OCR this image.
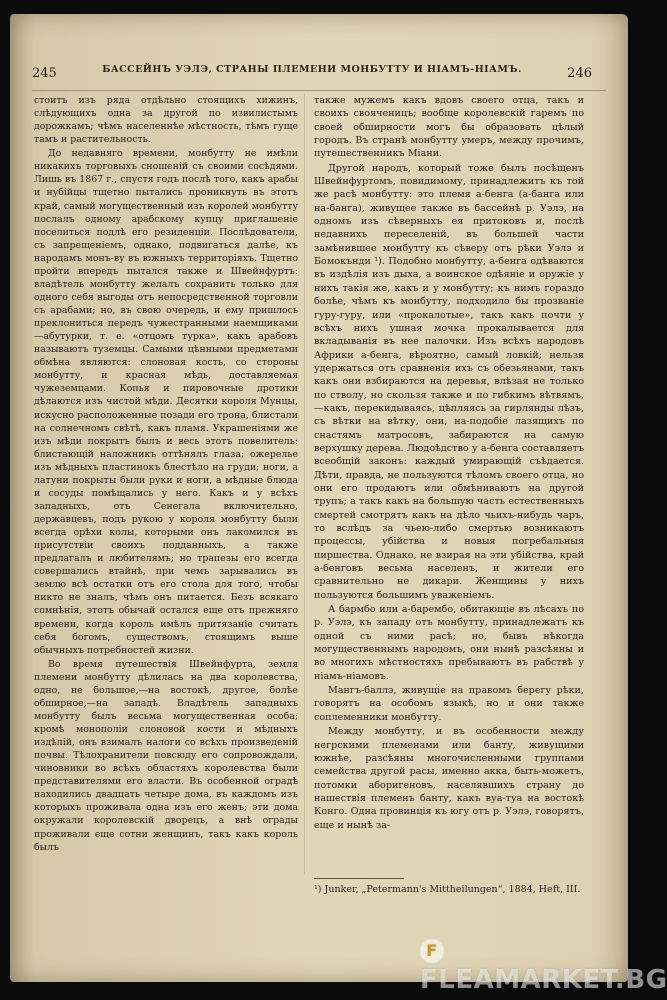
245	БАССЕЙНЪ УЭЛЭ, СТРАНЫ ПЛЕМЕНИ МОНБУТТУ И НІАМЪ-НІАМЪ.	246

стоитъ изъ ряда отдѣльно стоящихъ хижинъ, слѣдующихъ одна за другой по извилистымъ дорожкамъ; чѣмъ населеннѣе мѣстность, тѣмъ гуще тамъ и растительность.

До недавняго времени, монбутту не имѣли никакихъ торговыхъ сношеній съ своими сосѣдями. Лишь въ 1867 г., спустя годъ послѣ того, какъ арабы и нубійцы тщетно пытались проникнуть въ этотъ край, самый могущественный изъ королей монбутту послалъ одному арабскому купцу приглашеніе поселиться подлѣ его резиденціи. Послѣдователи, съ запрещеніемъ, однако, подвигаться далѣе, къ народамъ монъ-ву въ южныхъ территоріяхъ. Тщетно пройти впередъ пытался также и Швейнфуртъ: владѣтель монбутту желалъ сохранить только для одного себя выгоды отъ непосредственной торговли съ арабами; но, въ свою очередь, и ему пришлось преклониться передъ чужестранными наемщиками—абутурки, т. е. «отцомъ турка», какъ арабовъ называютъ туземцы. Самыми цѣнными предметами обмѣна являются: слоновая кость, со стороны монбутту, и красная мѣдь, доставляемая чужеземцами. Копья и пировочные дротики дѣлаются изъ чистой мѣди. Десятки короля Мунцы, искусно расположенные позади его трона, блистали на солнечномъ свѣтѣ, какъ пламя. Украшеніями же изъ мѣди покрытъ былъ и весь этотъ повелитель: блистающій наложникъ оттѣнялъ глаза; ожерелье изъ мѣдныхъ пластинокъ блестѣло на груди; ноги, а латуни покрыты были руки и ноги, а мѣдные блюда и сосуды помѣщались у него. Какъ и у всѣхъ западныхъ, отъ Сенегала включительно, державцевъ, подъ рукою у короля монбутту были всегда орѣхи колы, которыми онъ лакомился въ присутствіи своихъ подданныхъ, а также предлагалъ и любителямъ; но трапезы его всегда совершались втайнѣ, при чемъ зарывались въ землю всѣ остатки отъ его стола для того, чтобы никто не зналъ, чѣмъ онъ питается. Безъ всякаго сомнѣнія, этотъ обычай остался еще отъ прежняго времени, когда король имѣлъ притязаніе считать себя богомъ, существомъ, стоящимъ выше обычныхъ потребностей жизни.

Во время путешествія Швейнфурта, земля племени монбутту дѣлилась на два королевства, одно, не большое,—на востокѣ, другое, болѣе обширное,—на западѣ. Владѣтель западныхъ монбутту былъ весьма могущественная особа; кромѣ монополіи слоновой кости и мѣдныхъ издѣлій, онъ взималъ налоги со всѣхъ произведеній почвы. Тѣлохранители повсюду его сопровождали, чиновники во всѣхъ областяхъ королевства были представителями его власти. Въ особенной оградѣ находились двадцать четыре дома, въ каждомъ изъ которыхъ проживала одна изъ его женъ; эти дома окружали королевскій дворецъ, а внѣ ограды проживали еще сотни женщинъ, такъ какъ король былъ

также мужемъ какъ вдовъ своего отца, такъ и своихъ свояченицъ; вообще королевскій гаремъ по своей обширности могъ бы образовать цѣлый городъ. Въ странѣ монбутту умеръ, между прочимъ, путешественникъ Міани.

Другой народъ, который тоже былъ посѣщенъ Швейнфуртомъ, повидимому, принадлежитъ къ той же расѣ монбутту: это племя а-бенга (а-банга или на-банга), живущее также въ бассейнѣ р. Уэлэ, на одномъ изъ сѣверныхъ ея притоковъ и, послѣ недавнихъ переселеній, въ большей части замѣнившее монбутту къ сѣверу отъ рѣки Уэлэ и Бомокънди ¹). Подобно монбутту, а-бенга одѣваются въ издѣлія изъ дыха, а воинское одѣяніе и оружіе у нихъ такія же, какъ и у монбутту; къ нимъ гораздо болѣе, чѣмъ къ монбутту, подходило бы прозваніе гуру-гуру, или «прокалотые», такъ какъ почти у всѣхъ нихъ ушная мочка прокалывается для вкладыванія въ нее палочки. Изъ всѣхъ народовъ Африки а-бенга, вѣроятно, самый ловкій; нельзя удержаться отъ сравненія ихъ съ обезьянами, такъ какъ они взбираются на деревья, влѣзая не только по стволу, но скользя также и по гибкимъ вѣтвямъ,—какъ, перекидываясь, цѣпляясь за гирлянды лѣзъ, съ вѣтки на вѣтку, они, на-подобіе лазящихъ по снастямъ матросовъ, забираются на самую верхушку дерева. Людоѣдство у а-бенга составляетъ всеобщій законъ: каждый умирающій съѣдается. Дѣти, правда, не пользуются тѣломъ своего отца, но они его продаютъ или обмѣниваютъ на другой трупъ; а такъ какъ на большую часть естественныхъ смертей смотрятъ какъ на дѣло чьихъ-нибудь чаръ, то вслѣдъ за чьею-либо смертью возникаютъ процессы, убійства и новыя погребальныя пиршества. Однако, не взирая на эти убійства, край а-бенговъ весьма населенъ, и жители его сравнительно не дикари. Женщины у нихъ пользуются большимъ уваженіемъ.

А бармбо или а-барембо, обитающіе въ лѣсахъ по р. Уэлэ, къ западу отъ монбутту, принадлежатъ къ одной съ ними расѣ; но, бывъ нѣкогда могущественнымъ народомъ, они нынѣ разсѣяны и во многихъ мѣстностяхъ пребываютъ въ рабствѣ у ніамъ-ніамовъ.

Мангъ-баллэ, живущіе на правомъ берегу рѣки, говорятъ на особомъ языкѣ, но и они также соплеменники монбутту.

Между монбутту, и въ особенности между негрскими племенами или банту, живущими южнѣе, разсѣяны многочисленными группами семейства другой расы, именно акка, быть-можетъ, потомки аборигеновъ, населявшихъ страну до нашествія племенъ банту, какъ вуа-туа на востокѣ Конго. Одна провинція къ югу отъ р. Уэлэ, говорятъ, еще и нынѣ за-

¹) Junker, „Petermann's Mittheilungen“, 1884, Heft, III.
FFLEAMARKET.BG
